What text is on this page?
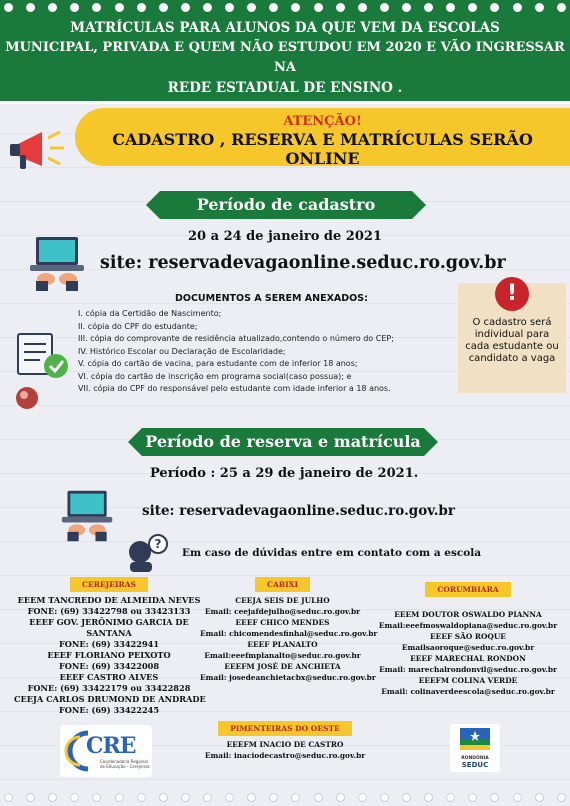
MATRÍCULAS PARA ALUNOS DA QUE VEM DA ESCOLAS
MUNICIPAL, PRIVADA E QUEM NÃO ESTUDOU EM 2020 E VÃO INGRESSAR NA
REDE ESTADUAL DE ENSINO .
ATENÇÃO!
CADASTRO , RESERVA E MATRÍCULAS SERÃO ONLINE
Período de cadastro
20 a 24 de janeiro de 2021
site: reservadevagaonline.seduc.ro.gov.br
DOCUMENTOS A SEREM ANEXADOS:

I. cópia da Certidão de Nascimento;

II. cópia do CPF do estudante;

III. cópia do comprovante de residência atualizado,contendo o número do CEP;

IV. Histórico Escolar ou Declaração de Escolaridade;

V. cópia do cartão de vacina, para estudante com de inferior 18 anos;

VI. cópia do cartão de inscrição em programa social(caso possua); e

VII. cópia do CPF do responsável pelo estudante com idade inferior a 18 anos.

!
O cadastro será individual para cada estudante ou candidato a vaga
Período de reserva e matrícula
Período : 25 a 29 de janeiro de 2021.
site: reservadevagaonline.seduc.ro.gov.br
?
Em caso de dúvidas entre em contato com a escola
CEREJEIRAS

EEEM TANCREDO DE ALMEIDA NEVES

FONE: (69) 33422798 ou 33423133

EEEF GOV. JERÔNIMO GARCIA DE

SANTANA

FONE: (69) 33422941

EEEF FLORIANO PEIXOTO

FONE: (69) 33422008

EEEF CASTRO ALVES

FONE: (69) 33422179 ou 33422828

CEEJA CARLOS DRUMOND DE ANDRADE

FONE: (69) 33422245

CABIXI

CEEJA SEIS DE JULHO

Email: ceejafdejulho@seduc.ro.gov.br

EEEF CHICO MENDES

Email: chicomendesfinhal@seduc.ro.gov.br

EEEF PLANALTO

Email:eeefmplanalto@seduc.ro.gov.br

EEEFM JOSÉ DE ANCHIETA

Email: josedeanchietacbx@seduc.ro.gov.br

CORUMBIARA

EEEM DOUTOR OSWALDO PIANNA

Email:eeefmoswaldopiana@seduc.ro.gov.br

EEEF SÃO ROQUE

Emailsaoroque@seduc.ro.gov.br

EEEF MARECHAL RONDON

Email: marechalrondonvil@seduc.ro.gov.br

EEEFM COLINA VERDE

Email: colinaverdeescola@seduc.ro.gov.br

PIMENTEIRAS DO OESTE

EEEFM INACIO DE CASTRO

Email: inaciodecastro@seduc.ro.gov.br

CRE
Coordenadoria Regional de Educação - Cerejeiras
RONDÔNIA
SEDUC
